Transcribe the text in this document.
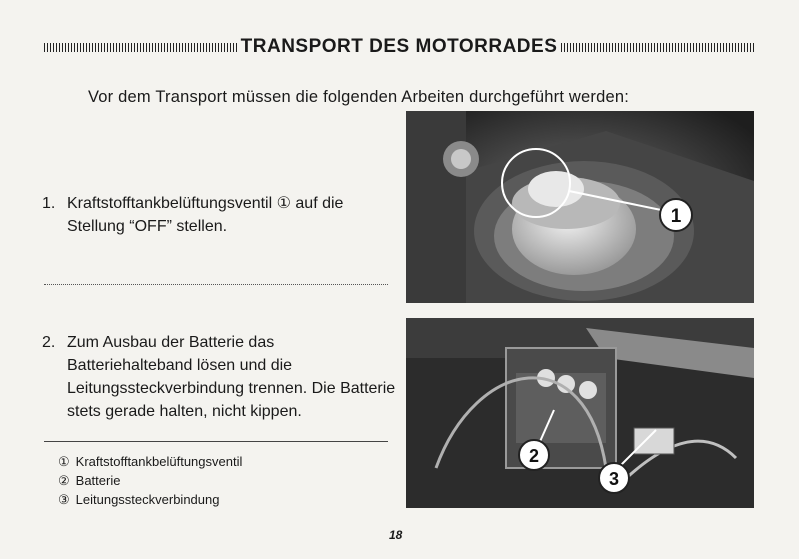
TRANSPORT DES MOTORRADES
Vor dem Transport müssen die folgenden Arbeiten durchgeführt werden:
1. Kraftstofftankbelüftungsventil ① auf die Stellung “OFF” stellen.
2. Zum Ausbau der Batterie das Batteriehalteband lösen und die Leitungssteckverbindung trennen. Die Batterie stets gerade halten, nicht kippen.
① Kraftstofftankbelüftungsventil
② Batterie
③ Leitungssteckverbindung
1
2
3
18
